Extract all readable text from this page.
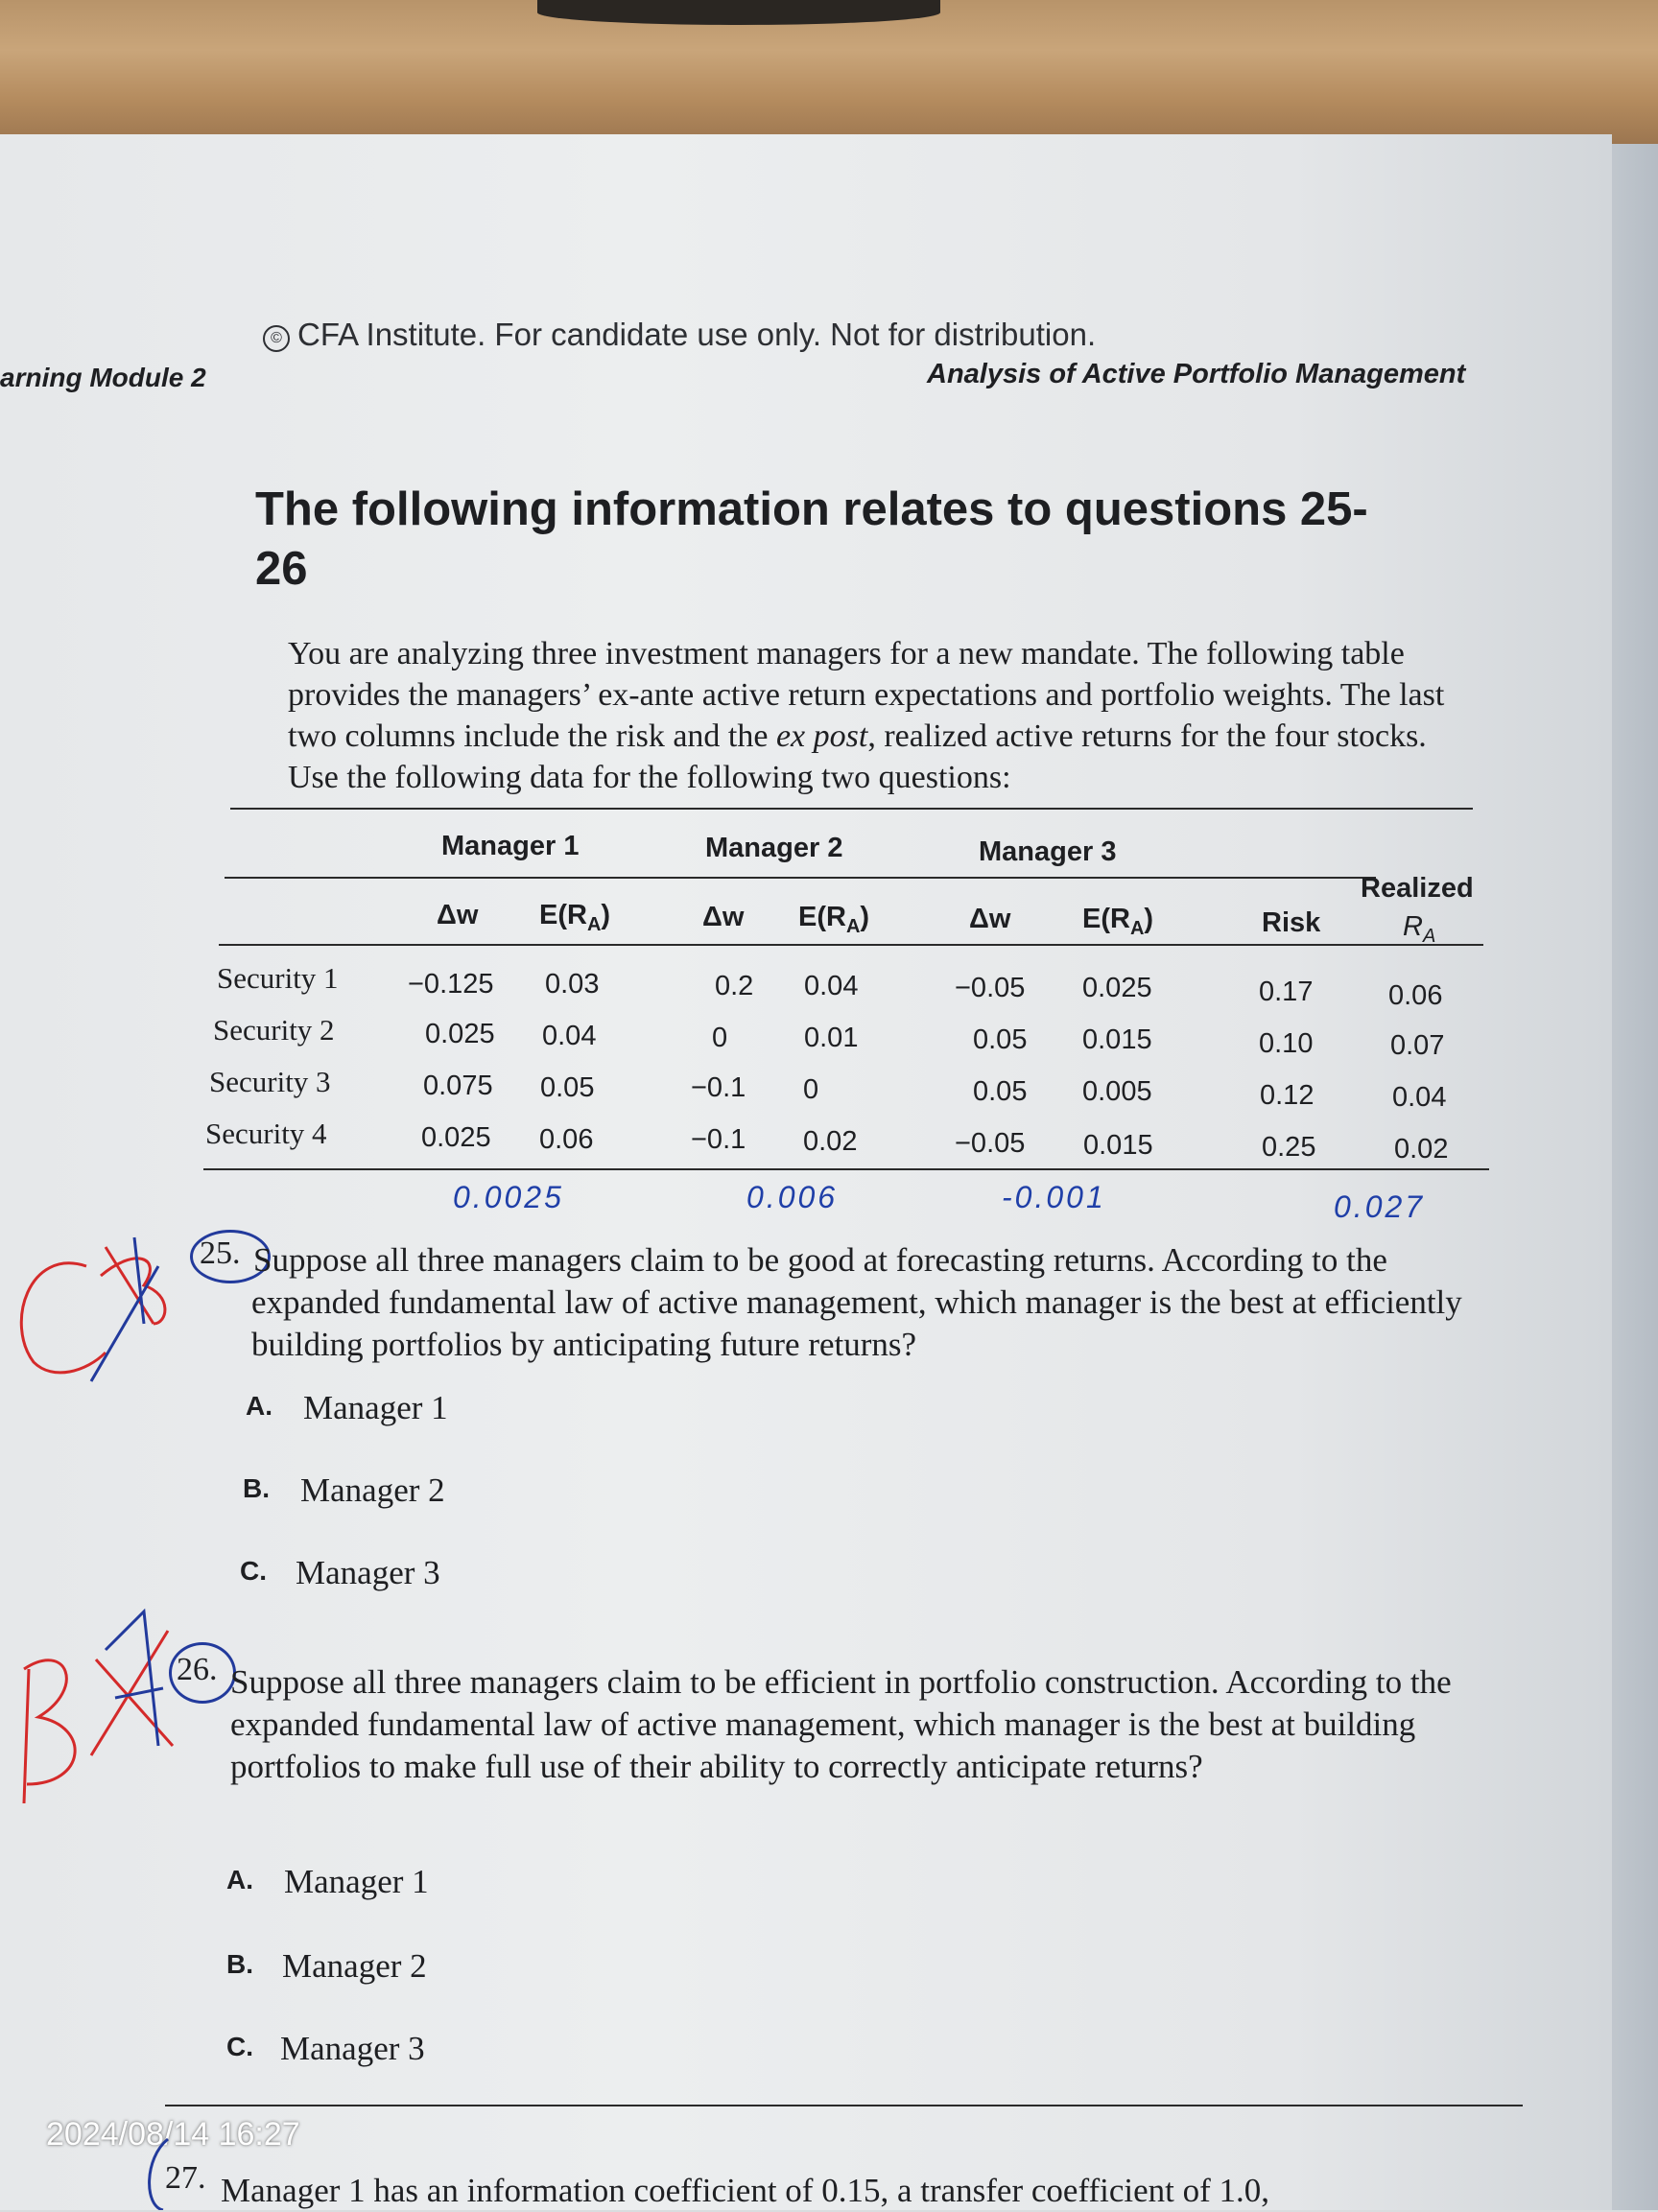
© CFA Institute. For candidate use only. Not for distribution.
arning Module 2	Analysis of Active Portfolio Management
The following information relates to questions 25-26
You are analyzing three investment managers for a new mandate. The following table provides the managers’ ex-ante active return expectations and portfolio weights. The last two columns include the risk and the ex post, realized active returns for the four stocks. Use the following data for the following two questions:
Manager 1	Manager 2	Manager 3
Realized
Δw $E(R_A)$	Δw $E(R_A)$	Δw	$E(R_A)$	Risk	$R_A$
Security 1 −0.125 0.03	0.2 0.04	−0.05 0.025	0.17	0.06
Security 2	0.025 0.04	0	0.01	0.05 0.015	0.10	0.07
Security 3	0.075 0.05	−0.1 0	0.05 0.005	0.12	0.04
Security 4	0.025 0.06	−0.1 0.02	−0.05 0.015	0.25	0.02
0.0025	0.006	-0.001	0.027
25. Suppose all three managers claim to be good at forecasting returns. According to the expanded fundamental law of active management, which manager is the best at efficiently building portfolios by anticipating future returns?
A. Manager 1
B. Manager 2
C. Manager 3
26. Suppose all three managers claim to be efficient in portfolio construction. According to the expanded fundamental law of active management, which manager is the best at building portfolios to make full use of their ability to correctly anticipate returns?
A. Manager 1
B. Manager 2
C. Manager 3
27. Manager 1 has an information coefficient of 0.15, a transfer coefficient of 1.0,
2024/08/14 16:27
